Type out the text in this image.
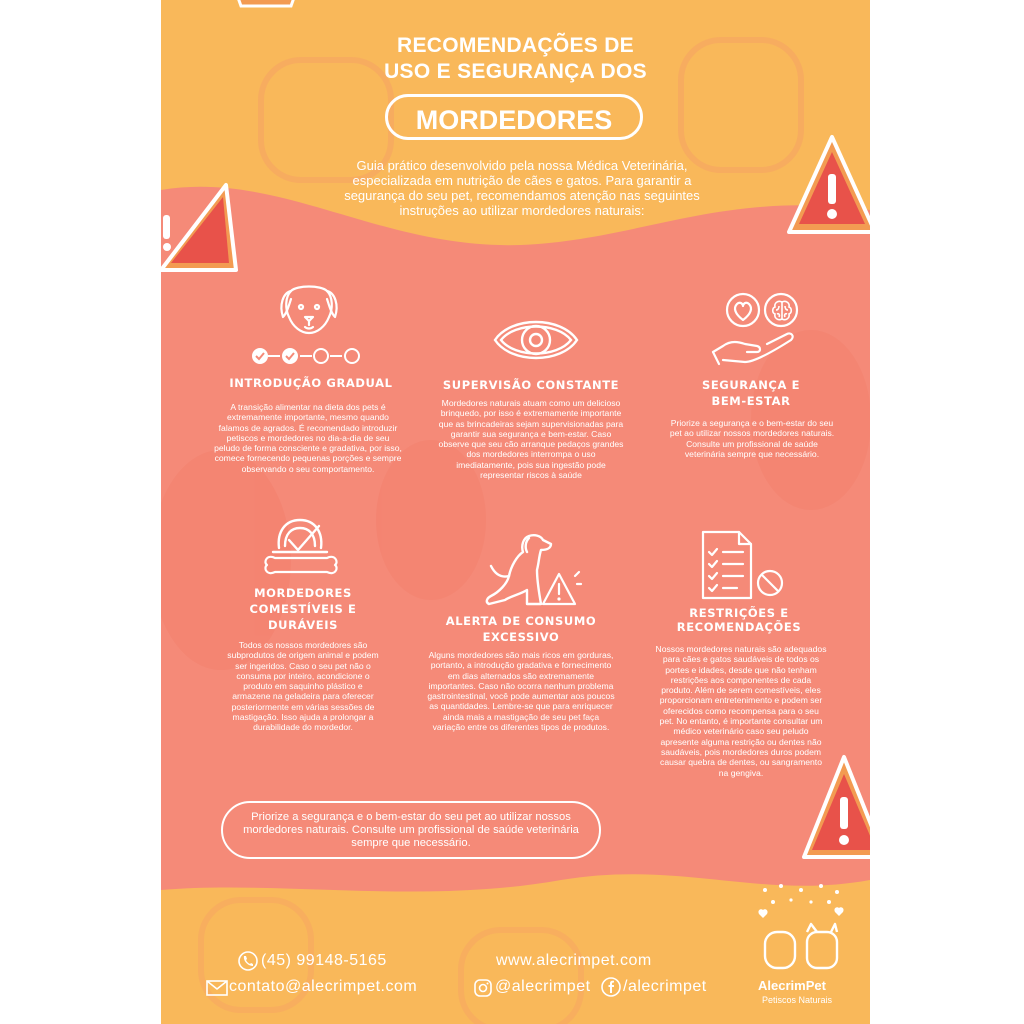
RECOMENDAÇÕES DE
USO E SEGURANÇA DOS
MORDEDORES
Guia prático desenvolvido pela nossa Médica Veterinária, especializada em nutrição de cães e gatos. Para garantir a segurança do seu pet, recomendamos atenção nas seguintes instruções ao utilizar mordedores naturais:
INTRODUÇÃO GRADUAL
A transição alimentar na dieta dos pets é extremamente importante, mesmo quando falamos de agrados. É recomendado introduzir petiscos e mordedores no dia-a-dia de seu peludo de forma consciente e gradativa, por isso, comece fornecendo pequenas porções e sempre observando o seu comportamento.
SUPERVISÃO CONSTANTE
Mordedores naturais atuam como um delicioso brinquedo, por isso é extremamente importante que as brincadeiras sejam supervisionadas para garantir sua segurança e bem-estar. Caso observe que seu cão arranque pedaços grandes dos mordedores interrompa o uso imediatamente, pois sua ingestão pode representar riscos à saúde
SEGURANÇA E
BEM-ESTAR
Priorize a segurança e o bem-estar do seu pet ao utilizar nossos mordedores naturais. Consulte um profissional de saúde veterinária sempre que necessário.
MORDEDORES
COMESTÍVEIS E
DURÁVEIS
Todos os nossos mordedores são subprodutos de origem animal e podem ser ingeridos. Caso o seu pet não o consuma por inteiro, acondicione o produto em saquinho plástico e armazene na geladeira para oferecer posteriormente em várias sessões de mastigação. Isso ajuda a prolongar a durabilidade do mordedor.
ALERTA DE CONSUMO
EXCESSIVO
Alguns mordedores são mais ricos em gorduras, portanto, a introdução gradativa e fornecimento em dias alternados são extremamente importantes. Caso não ocorra nenhum problema gastrointestinal, você pode aumentar aos poucos as quantidades. Lembre-se que para enriquecer ainda mais a mastigação de seu pet faça variação entre os diferentes tipos de produtos.
RESTRIÇÕES E
RECOMENDAÇÕES
Nossos mordedores naturais são adequados para cães e gatos saudáveis de todos os portes e idades, desde que não tenham restrições aos componentes de cada produto. Além de serem comestíveis, eles proporcionam entretenimento e podem ser oferecidos como recompensa para o seu pet. No entanto, é importante consultar um médico veterinário caso seu peludo apresente alguma restrição ou dentes não saudáveis, pois mordedores duros podem causar quebra de dentes, ou sangramento na gengiva.
Priorize a segurança e o bem-estar do seu pet ao utilizar nossos mordedores naturais. Consulte um profissional de saúde veterinária sempre que necessário.
(45) 99148-5165
contato@alecrimpet.com
www.alecrimpet.com
@alecrimpet /alecrimpet	AlecrimPet
Petiscos Naturais
